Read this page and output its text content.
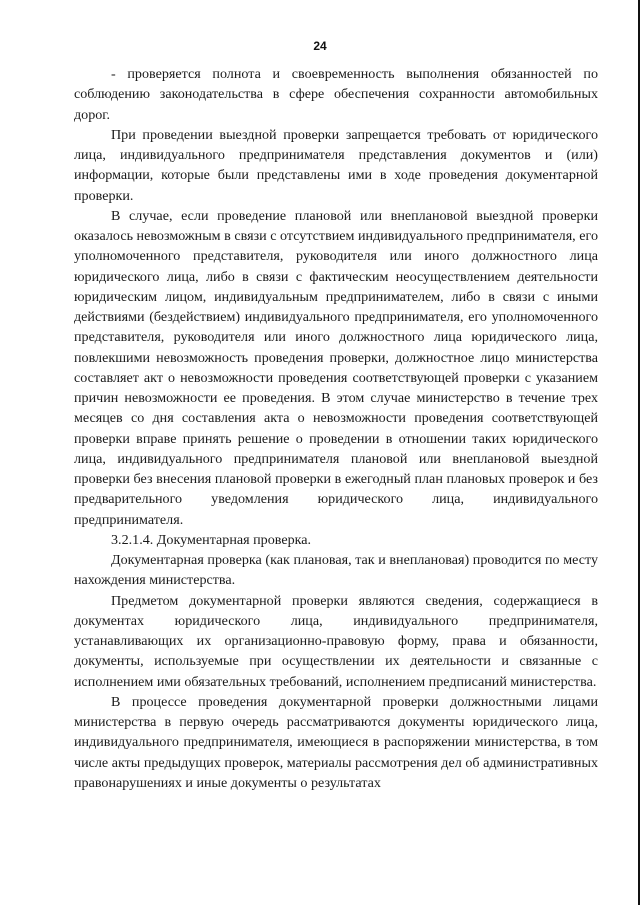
24

- проверяется полнота и своевременность выполнения обязанностей по соблюдению законодательства в сфере обеспечения сохранности автомобильных дорог.

При проведении выездной проверки запрещается требовать от юридического лица, индивидуального предпринимателя представления документов и (или) информации, которые были представлены ими в ходе проведения документарной проверки.

В случае, если проведение плановой или внеплановой выездной проверки оказалось невозможным в связи с отсутствием индивидуального предпринимателя, его уполномоченного представителя, руководителя или иного должностного лица юридического лица, либо в связи с фактическим неосуществлением деятельности юридическим лицом, индивидуальным предпринимателем, либо в связи с иными действиями (бездействием) индивидуального предпринимателя, его уполномоченного представителя, руководителя или иного должностного лица юридического лица, повлекшими невозможность проведения проверки, должностное лицо министерства составляет акт о невозможности проведения соответствующей проверки с указанием причин невозможности ее проведения. В этом случае министерство в течение трех месяцев со дня составления акта о невозможности проведения соответствующей проверки вправе принять решение о проведении в отношении таких юридического лица, индивидуального предпринимателя плановой или внеплановой выездной проверки без внесения плановой проверки в ежегодный план плановых проверок и без предварительного уведомления юридического лица, индивидуального предпринимателя.

3.2.1.4. Документарная проверка.

Документарная проверка (как плановая, так и внеплановая) проводится по месту нахождения министерства.

Предметом документарной проверки являются сведения, содержащиеся в документах юридического лица, индивидуального предпринимателя, устанавливающих их организационно-правовую форму, права и обязанности, документы, используемые при осуществлении их деятельности и связанные с исполнением ими обязательных требований, исполнением предписаний министерства.

В процессе проведения документарной проверки должностными лицами министерства в первую очередь рассматриваются документы юридического лица, индивидуального предпринимателя, имеющиеся в распоряжении министерства, в том числе акты предыдущих проверок, материалы рассмотрения дел об административных правонарушениях и иные документы о результатах
